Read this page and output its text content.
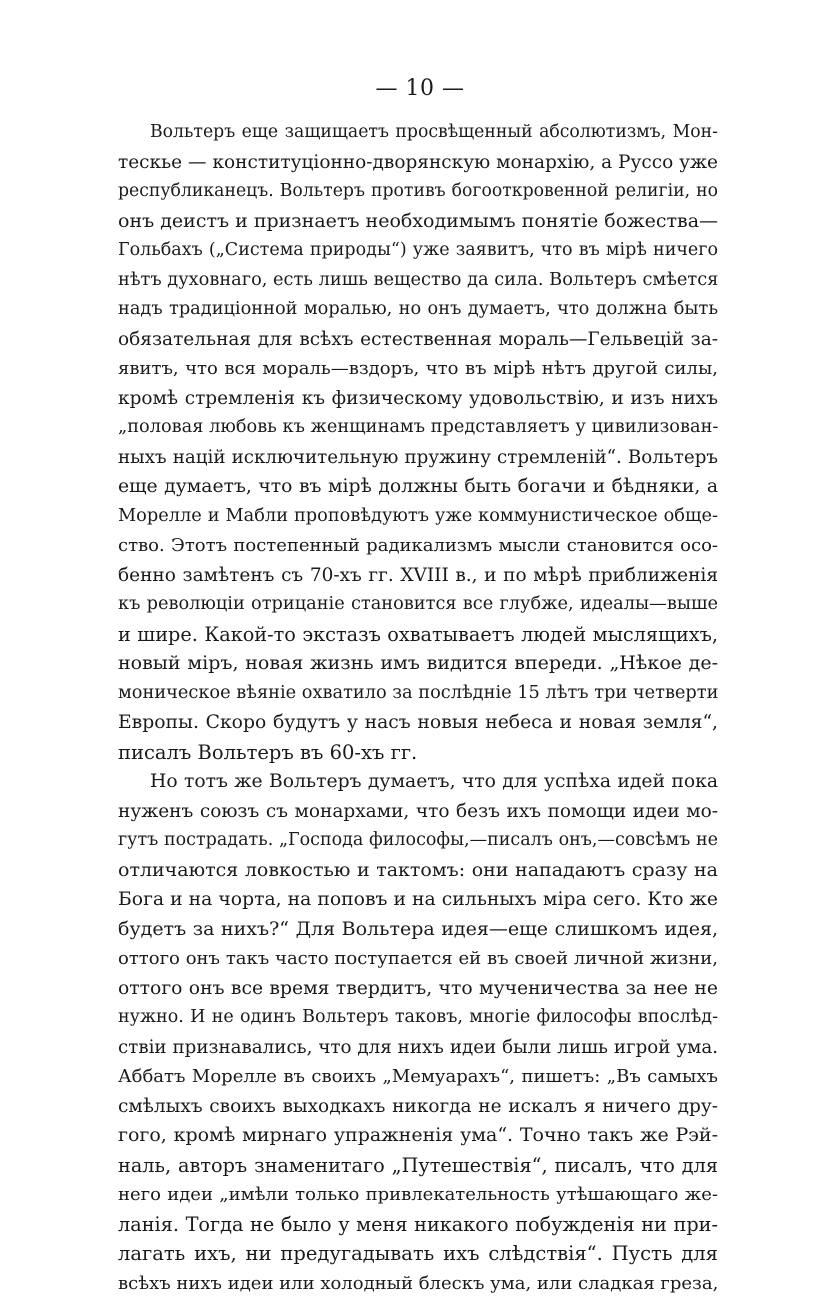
— 10 —
Вольтеръ еще защищаетъ просвѣщенный абсолютизмъ, Мон-
тескье — конституціонно-дворянскую монархію, а Руссо уже
республиканецъ. Вольтеръ противъ богооткровенной религіи, но
онъ деистъ и признаетъ необходимымъ понятіе божества—
Гольбахъ („Система природы“) уже заявитъ, что въ мірѣ ничего
нѣтъ духовнаго, есть лишь вещество да сила. Вольтеръ смѣется
надъ традиціонной моралью, но онъ думаетъ, что должна быть
обязательная для всѣхъ естественная мораль—Гельвецій за-
явитъ, что вся мораль—вздоръ, что въ мірѣ нѣтъ другой силы,
кромѣ стремленія къ физическому удовольствію, и изъ нихъ
„половая любовь къ женщинамъ представляетъ у цивилизован-
ныхъ націй исключительную пружину стремленій“. Вольтеръ
еще думаетъ, что въ мірѣ должны быть богачи и бѣдняки, а
Морелле и Мабли проповѣдуютъ уже коммунистическое обще-
ство. Этотъ постепенный радикализмъ мысли становится осо-
бенно замѣтенъ съ 70-хъ гг. XVIII в., и по мѣрѣ приближенія
къ революціи отрицаніе становится все глубже, идеалы—выше
и шире. Какой-то экстазъ охватываетъ людей мыслящихъ,
новый міръ, новая жизнь имъ видится впереди. „Нѣкое де-
моническое вѣяніе охватило за послѣдніе 15 лѣтъ три четверти
Европы. Скоро будутъ у насъ новыя небеса и новая земля“,
писалъ Вольтеръ въ 60-хъ гг.
Но тотъ же Вольтеръ думаетъ, что для успѣха идей пока
нуженъ союзъ съ монархами, что безъ ихъ помощи идеи мо-
гутъ пострадать. „Господа философы,—писалъ онъ,—совсѣмъ не
отличаются ловкостью и тактомъ: они нападаютъ сразу на
Бога и на чорта, на поповъ и на сильныхъ міра сего. Кто же
будетъ за нихъ?“ Для Вольтера идея—еще слишкомъ идея,
оттого онъ такъ часто поступается ей въ своей личной жизни,
оттого онъ все время твердитъ, что мученичества за нее не
нужно. И не одинъ Вольтеръ таковъ, многіе философы впослѣд-
ствіи признавались, что для нихъ идеи были лишь игрой ума.
Аббатъ Морелле въ своихъ „Мемуарахъ“, пишетъ: „Въ самыхъ
смѣлыхъ своихъ выходкахъ никогда не искалъ я ничего дру-
гого, кромѣ мирнаго упражненія ума“. Точно такъ же Рэй-
наль, авторъ знаменитаго „Путешествія“, писалъ, что для
него идеи „имѣли только привлекательность утѣшающаго же-
ланія. Тогда не было у меня никакого побужденія ни при-
лагать ихъ, ни предугадывать ихъ слѣдствія“. Пусть для
всѣхъ нихъ идеи или холодный блескъ ума, или сладкая греза,
